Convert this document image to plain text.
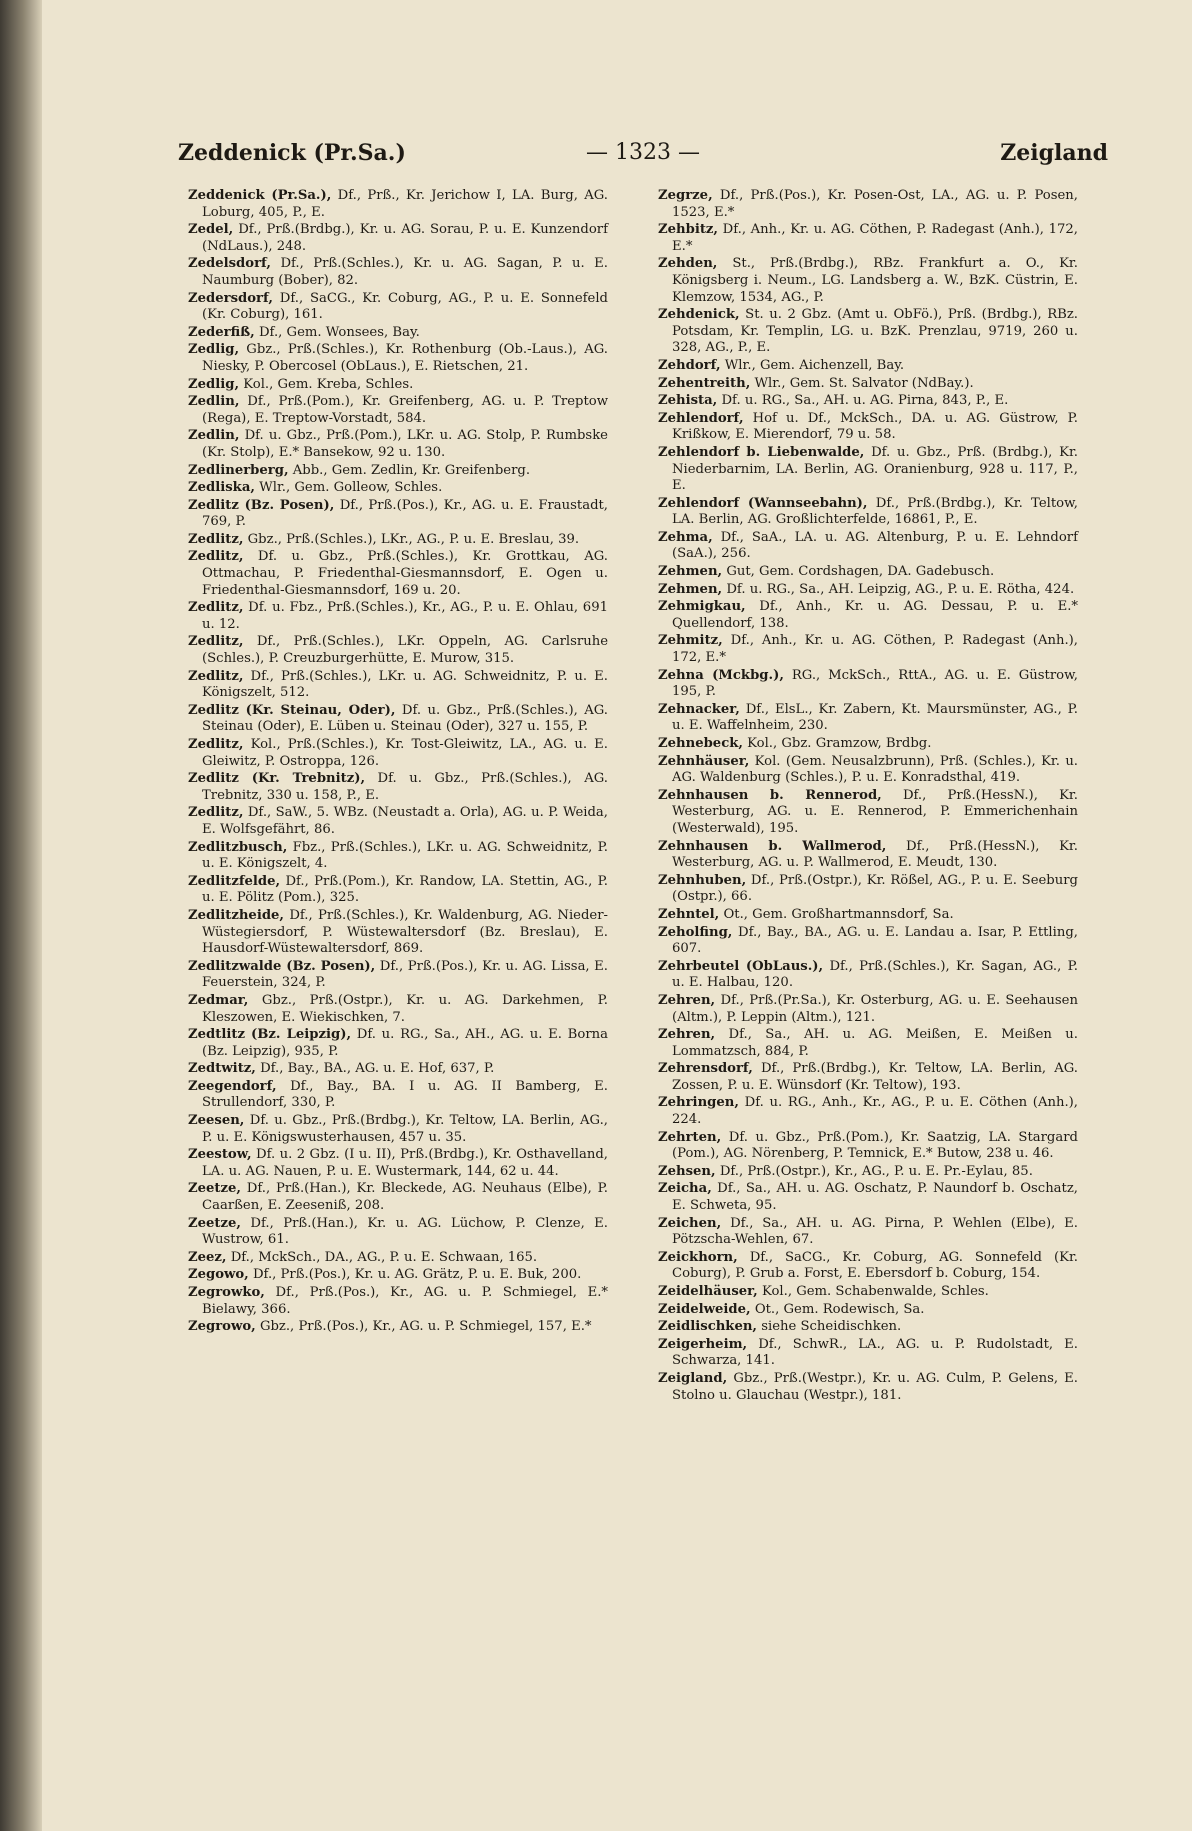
Zeddenick (Pr.Sa.)	— 1323 —	Zeigland
Zeddenick (Pr.Sa.), Df., Prß., Kr. Jerichow I, LA. Burg, AG. Loburg, 405, P., E.
Zedel, Df., Prß.(Brdbg.), Kr. u. AG. Sorau, P. u. E. Kunzendorf (NdLaus.), 248.
Zedelsdorf, Df., Prß.(Schles.), Kr. u. AG. Sagan, P. u. E. Naumburg (Bober), 82.
Zedersdorf, Df., SaCG., Kr. Coburg, AG., P. u. E. Sonnefeld (Kr. Coburg), 161.
Zederfiß, Df., Gem. Wonsees, Bay.
Zedlig, Gbz., Prß.(Schles.), Kr. Rothenburg (Ob.-Laus.), AG. Niesky, P. Obercosel (ObLaus.), E. Rietschen, 21.
Zedlig, Kol., Gem. Kreba, Schles.
Zedlin, Df., Prß.(Pom.), Kr. Greifenberg, AG. u. P. Treptow (Rega), E. Treptow-Vorstadt, 584.
Zedlin, Df. u. Gbz., Prß.(Pom.), LKr. u. AG. Stolp, P. Rumbske (Kr. Stolp), E.* Bansekow, 92 u. 130.
Zedlinerberg, Abb., Gem. Zedlin, Kr. Greifenberg.
Zedliska, Wlr., Gem. Golleow, Schles.
Zedlitz (Bz. Posen), Df., Prß.(Pos.), Kr., AG. u. E. Fraustadt, 769, P.
Zedlitz, Gbz., Prß.(Schles.), LKr., AG., P. u. E. Breslau, 39.
Zedlitz, Df. u. Gbz., Prß.(Schles.), Kr. Grottkau, AG. Ottmachau, P. Friedenthal-Giesmannsdorf, E. Ogen u. Friedenthal-Giesmannsdorf, 169 u. 20.
Zedlitz, Df. u. Fbz., Prß.(Schles.), Kr., AG., P. u. E. Ohlau, 691 u. 12.
Zedlitz, Df., Prß.(Schles.), LKr. Oppeln, AG. Carlsruhe (Schles.), P. Creuzburgerhütte, E. Murow, 315.
Zedlitz, Df., Prß.(Schles.), LKr. u. AG. Schweidnitz, P. u. E. Königszelt, 512.
Zedlitz (Kr. Steinau, Oder), Df. u. Gbz., Prß.(Schles.), AG. Steinau (Oder), E. Lüben u. Steinau (Oder), 327 u. 155, P.
Zedlitz, Kol., Prß.(Schles.), Kr. Tost-Gleiwitz, LA., AG. u. E. Gleiwitz, P. Ostroppa, 126.
Zedlitz (Kr. Trebnitz), Df. u. Gbz., Prß.(Schles.), AG. Trebnitz, 330 u. 158, P., E.
Zedlitz, Df., SaW., 5. WBz. (Neustadt a. Orla), AG. u. P. Weida, E. Wolfsgefährt, 86.
Zedlitzbusch, Fbz., Prß.(Schles.), LKr. u. AG. Schweidnitz, P. u. E. Königszelt, 4.
Zedlitzfelde, Df., Prß.(Pom.), Kr. Randow, LA. Stettin, AG., P. u. E. Pölitz (Pom.), 325.
Zedlitzheide, Df., Prß.(Schles.), Kr. Waldenburg, AG. Nieder-Wüstegiersdorf, P. Wüstewaltersdorf (Bz. Breslau), E. Hausdorf-Wüstewaltersdorf, 869.
Zedlitzwalde (Bz. Posen), Df., Prß.(Pos.), Kr. u. AG. Lissa, E. Feuerstein, 324, P.
Zedmar, Gbz., Prß.(Ostpr.), Kr. u. AG. Darkehmen, P. Kleszowen, E. Wiekischken, 7.
Zedtlitz (Bz. Leipzig), Df. u. RG., Sa., AH., AG. u. E. Borna (Bz. Leipzig), 935, P.
Zedtwitz, Df., Bay., BA., AG. u. E. Hof, 637, P.
Zeegendorf, Df., Bay., BA. I u. AG. II Bamberg, E. Strullendorf, 330, P.
Zeesen, Df. u. Gbz., Prß.(Brdbg.), Kr. Teltow, LA. Berlin, AG., P. u. E. Königswusterhausen, 457 u. 35.
Zeestow, Df. u. 2 Gbz. (I u. II), Prß.(Brdbg.), Kr. Osthavelland, LA. u. AG. Nauen, P. u. E. Wustermark, 144, 62 u. 44.
Zeetze, Df., Prß.(Han.), Kr. Bleckede, AG. Neuhaus (Elbe), P. Caarßen, E. Zeeseniß, 208.
Zeetze, Df., Prß.(Han.), Kr. u. AG. Lüchow, P. Clenze, E. Wustrow, 61.
Zeez, Df., MckSch., DA., AG., P. u. E. Schwaan, 165.
Zegowo, Df., Prß.(Pos.), Kr. u. AG. Grätz, P. u. E. Buk, 200.
Zegrowko, Df., Prß.(Pos.), Kr., AG. u. P. Schmiegel, E.* Bielawy, 366.
Zegrowo, Gbz., Prß.(Pos.), Kr., AG. u. P. Schmiegel, 157, E.*
Zegrze, Df., Prß.(Pos.), Kr. Posen-Ost, LA., AG. u. P. Posen, 1523, E.*
Zehbitz, Df., Anh., Kr. u. AG. Cöthen, P. Radegast (Anh.), 172, E.*
Zehden, St., Prß.(Brdbg.), RBz. Frankfurt a. O., Kr. Königsberg i. Neum., LG. Landsberg a. W., BzK. Cüstrin, E. Klemzow, 1534, AG., P.
Zehdenick, St. u. 2 Gbz. (Amt u. ObFö.), Prß. (Brdbg.), RBz. Potsdam, Kr. Templin, LG. u. BzK. Prenzlau, 9719, 260 u. 328, AG., P., E.
Zehdorf, Wlr., Gem. Aichenzell, Bay.
Zehentreith, Wlr., Gem. St. Salvator (NdBay.).
Zehista, Df. u. RG., Sa., AH. u. AG. Pirna, 843, P., E.
Zehlendorf, Hof u. Df., MckSch., DA. u. AG. Güstrow, P. Krißkow, E. Mierendorf, 79 u. 58.
Zehlendorf b. Liebenwalde, Df. u. Gbz., Prß. (Brdbg.), Kr. Niederbarnim, LA. Berlin, AG. Oranienburg, 928 u. 117, P., E.
Zehlendorf (Wannseebahn), Df., Prß.(Brdbg.), Kr. Teltow, LA. Berlin, AG. Großlichterfelde, 16861, P., E.
Zehma, Df., SaA., LA. u. AG. Altenburg, P. u. E. Lehndorf (SaA.), 256.
Zehmen, Gut, Gem. Cordshagen, DA. Gadebusch.
Zehmen, Df. u. RG., Sa., AH. Leipzig, AG., P. u. E. Rötha, 424.
Zehmigkau, Df., Anh., Kr. u. AG. Dessau, P. u. E.* Quellendorf, 138.
Zehmitz, Df., Anh., Kr. u. AG. Cöthen, P. Radegast (Anh.), 172, E.*
Zehna (Mckbg.), RG., MckSch., RttA., AG. u. E. Güstrow, 195, P.
Zehnacker, Df., ElsL., Kr. Zabern, Kt. Maursmünster, AG., P. u. E. Waffelnheim, 230.
Zehnebeck, Kol., Gbz. Gramzow, Brdbg.
Zehnhäuser, Kol. (Gem. Neusalzbrunn), Prß. (Schles.), Kr. u. AG. Waldenburg (Schles.), P. u. E. Konradsthal, 419.
Zehnhausen b. Rennerod, Df., Prß.(HessN.), Kr. Westerburg, AG. u. E. Rennerod, P. Emmerichenhain (Westerwald), 195.
Zehnhausen b. Wallmerod, Df., Prß.(HessN.), Kr. Westerburg, AG. u. P. Wallmerod, E. Meudt, 130.
Zehnhuben, Df., Prß.(Ostpr.), Kr. Rößel, AG., P. u. E. Seeburg (Ostpr.), 66.
Zehntel, Ot., Gem. Großhartmannsdorf, Sa.
Zeholfing, Df., Bay., BA., AG. u. E. Landau a. Isar, P. Ettling, 607.
Zehrbeutel (ObLaus.), Df., Prß.(Schles.), Kr. Sagan, AG., P. u. E. Halbau, 120.
Zehren, Df., Prß.(Pr.Sa.), Kr. Osterburg, AG. u. E. Seehausen (Altm.), P. Leppin (Altm.), 121.
Zehren, Df., Sa., AH. u. AG. Meißen, E. Meißen u. Lommatzsch, 884, P.
Zehrensdorf, Df., Prß.(Brdbg.), Kr. Teltow, LA. Berlin, AG. Zossen, P. u. E. Wünsdorf (Kr. Teltow), 193.
Zehringen, Df. u. RG., Anh., Kr., AG., P. u. E. Cöthen (Anh.), 224.
Zehrten, Df. u. Gbz., Prß.(Pom.), Kr. Saatzig, LA. Stargard (Pom.), AG. Nörenberg, P. Temnick, E.* Butow, 238 u. 46.
Zehsen, Df., Prß.(Ostpr.), Kr., AG., P. u. E. Pr.-Eylau, 85.
Zeicha, Df., Sa., AH. u. AG. Oschatz, P. Naundorf b. Oschatz, E. Schweta, 95.
Zeichen, Df., Sa., AH. u. AG. Pirna, P. Wehlen (Elbe), E. Pötzscha-Wehlen, 67.
Zeickhorn, Df., SaCG., Kr. Coburg, AG. Sonnefeld (Kr. Coburg), P. Grub a. Forst, E. Ebersdorf b. Coburg, 154.
Zeidelhäuser, Kol., Gem. Schabenwalde, Schles.
Zeidelweide, Ot., Gem. Rodewisch, Sa.
Zeidlischken, siehe Scheidischken.
Zeigerheim, Df., SchwR., LA., AG. u. P. Rudolstadt, E. Schwarza, 141.
Zeigland, Gbz., Prß.(Westpr.), Kr. u. AG. Culm, P. Gelens, E. Stolno u. Glauchau (Westpr.), 181.
